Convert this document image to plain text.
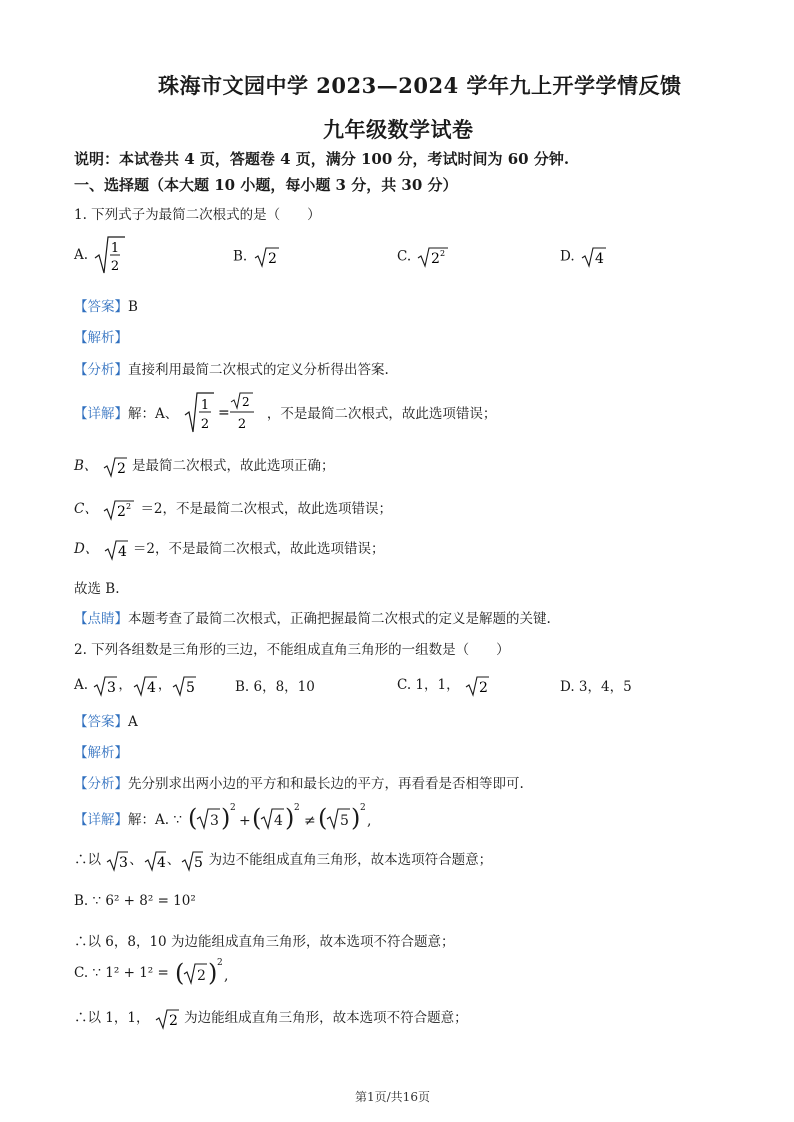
珠海市文园中学 2023—2024 学年九上开学学情反馈
九年级数学试卷
说明：本试卷共 4 页，答题卷 4 页，满分 100 分，考试时间为 60 分钟.
一、选择题（本大题 10 小题，每小题 3 分，共 30 分）
1. 下列式子为最简二次根式的是（　　）
A. 1
2
B. 2	C. 2 2	D. 4
【答案】B
【解析】
【分析】直接利用最简二次根式的定义分析得出答案.
【详解】解：A、
1
2
=
2
2
，不是最简二次根式，故此选项错误；
B、 2 是最简二次根式，故此选项正确；
C、 2 2 ＝2，不是最简二次根式，故此选项错误；
D、 4 ＝2，不是最简二次根式，故此选项错误；
故选 B.
【点睛】本题考查了最简二次根式，正确把握最简二次根式的定义是解题的关键.
2. 下列各组数是三角形的三边，不能组成直角三角形的一组数是（　　）
A. 3 ， 4 ， 5	B. 6，8，10	C. 1，1， 2	D. 3，4，5
【答案】A
【解析】
【分析】先分别求出两小边的平方和和最长边的平方，再看看是否相等即可.
【详解】解：A. ∵ ( 3 ) 2
+ ( 4 ) 2
≠ ( 5 ) 2
,
∴以 3 、 4 、 5 为边不能组成直角三角形，故本选项符合题意；
B. ∵ 6² + 8² = 10²
∴以 6，8，10 为边能组成直角三角形，故本选项不符合题意；
C. ∵ 1² + 1² = ( 2 ) 2
,
∴以 1，1， 2 为边能组成直角三角形，故本选项不符合题意；
第1页/共16页
